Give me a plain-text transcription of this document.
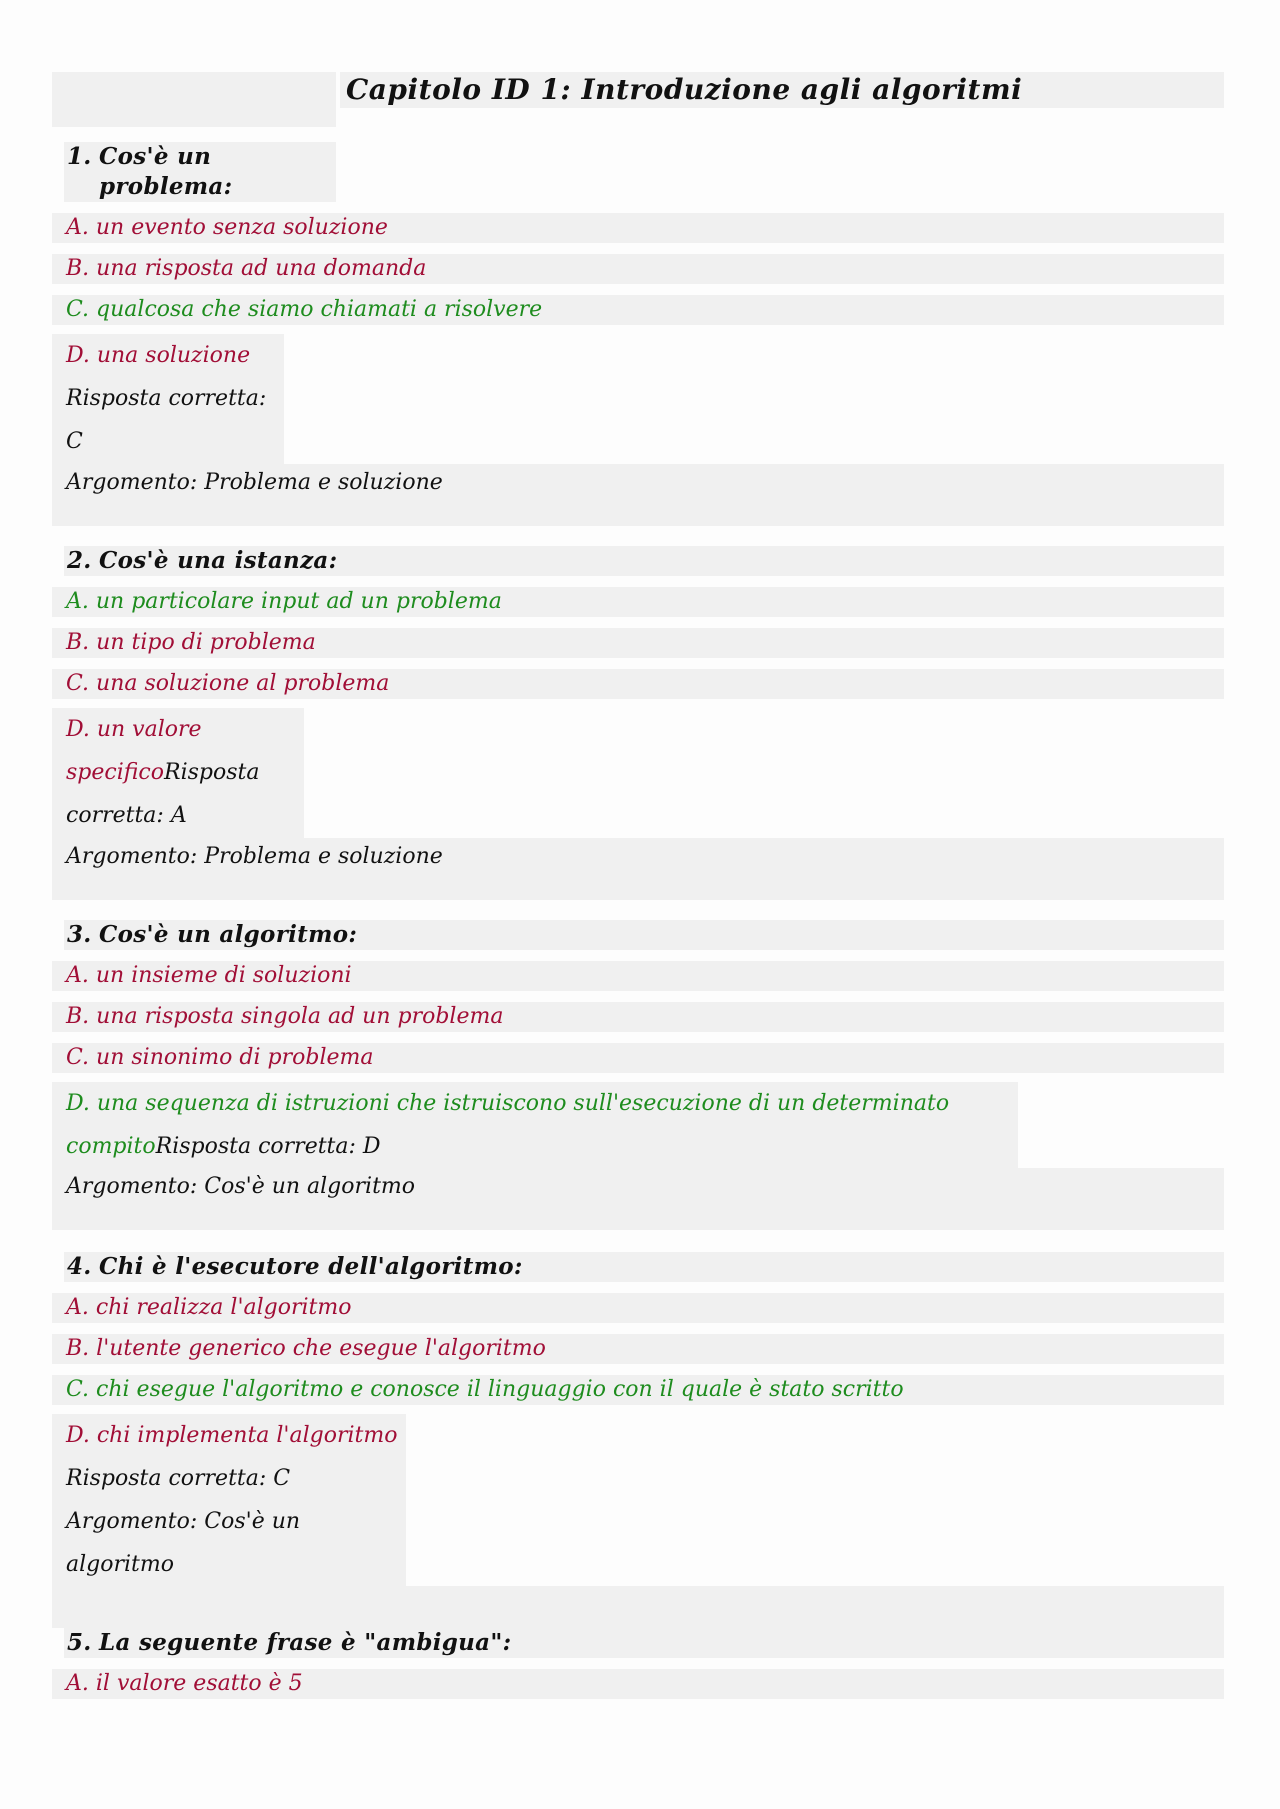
Capitolo ID 1: Introduzione agli algoritmi
1. Cos'è un
problema:
A. un evento senza soluzione
B. una risposta ad una domanda
C. qualcosa che siamo chiamati a risolvere
D. una soluzione
Risposta corretta:
C
Argomento: Problema e soluzione
2. Cos'è una istanza:
A. un particolare input ad un problema
B. un tipo di problema
C. una soluzione al problema
D. un valore
specificoRisposta
corretta: A
Argomento: Problema e soluzione
3. Cos'è un algoritmo:
A. un insieme di soluzioni
B. una risposta singola ad un problema
C. un sinonimo di problema
D. una sequenza di istruzioni che istruiscono sull'esecuzione di un determinato
compitoRisposta corretta: D
Argomento: Cos'è un algoritmo
4. Chi è l'esecutore dell'algoritmo:
A. chi realizza l'algoritmo
B. l'utente generico che esegue l'algoritmo
C. chi esegue l'algoritmo e conosce il linguaggio con il quale è stato scritto
D. chi implementa l'algoritmo
Risposta corretta: C
Argomento: Cos'è un
algoritmo
5. La seguente frase è "ambigua":
A. il valore esatto è 5
